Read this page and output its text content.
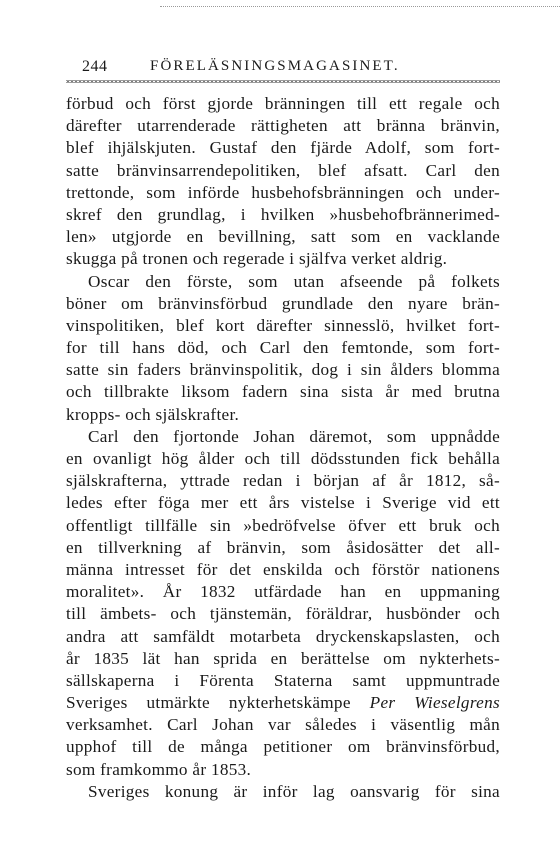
244	FÖRELÄSNINGSMAGASINET.
förbud och först gjorde bränningen till ett regale och
därefter utarrenderade rättigheten att bränna bränvin,
blef ihjälskjuten. Gustaf den fjärde Adolf, som fort-
satte bränvinsarrendepolitiken, blef afsatt. Carl den
trettonde, som införde husbehofsbränningen och under-
skref den grundlag, i hvilken »husbehofbrännerimed-
len» utgjorde en bevillning, satt som en vacklande
skugga på tronen och regerade i själfva verket aldrig.
Oscar den förste, som utan afseende på folkets
böner om bränvinsförbud grundlade den nyare brän-
vinspolitiken, blef kort därefter sinnesslö, hvilket fort-
for till hans död, och Carl den femtonde, som fort-
satte sin faders bränvinspolitik, dog i sin ålders blomma
och tillbrakte liksom fadern sina sista år med brutna
kropps- och själskrafter.
Carl den fjortonde Johan däremot, som uppnådde
en ovanligt hög ålder och till dödsstunden fick behålla
själskrafterna, yttrade redan i början af år 1812, så-
ledes efter föga mer ett års vistelse i Sverige vid ett
offentligt tillfälle sin »bedröfvelse öfver ett bruk och
en tillverkning af bränvin, som åsidosätter det all-
männa intresset för det enskilda och förstör nationens
moralitet». År 1832 utfärdade han en uppmaning
till ämbets- och tjänstemän, föräldrar, husbönder och
andra att samfäldt motarbeta dryckenskapslasten, och
år 1835 lät han sprida en berättelse om nykterhets-
sällskaperna i Förenta Staterna samt uppmuntrade
Sveriges utmärkte nykterhetskämpe Per Wieselgrens
verksamhet. Carl Johan var således i väsentlig mån
upphof till de många petitioner om bränvinsförbud,
som framkommo år 1853.
Sveriges konung är inför lag oansvarig för sina
